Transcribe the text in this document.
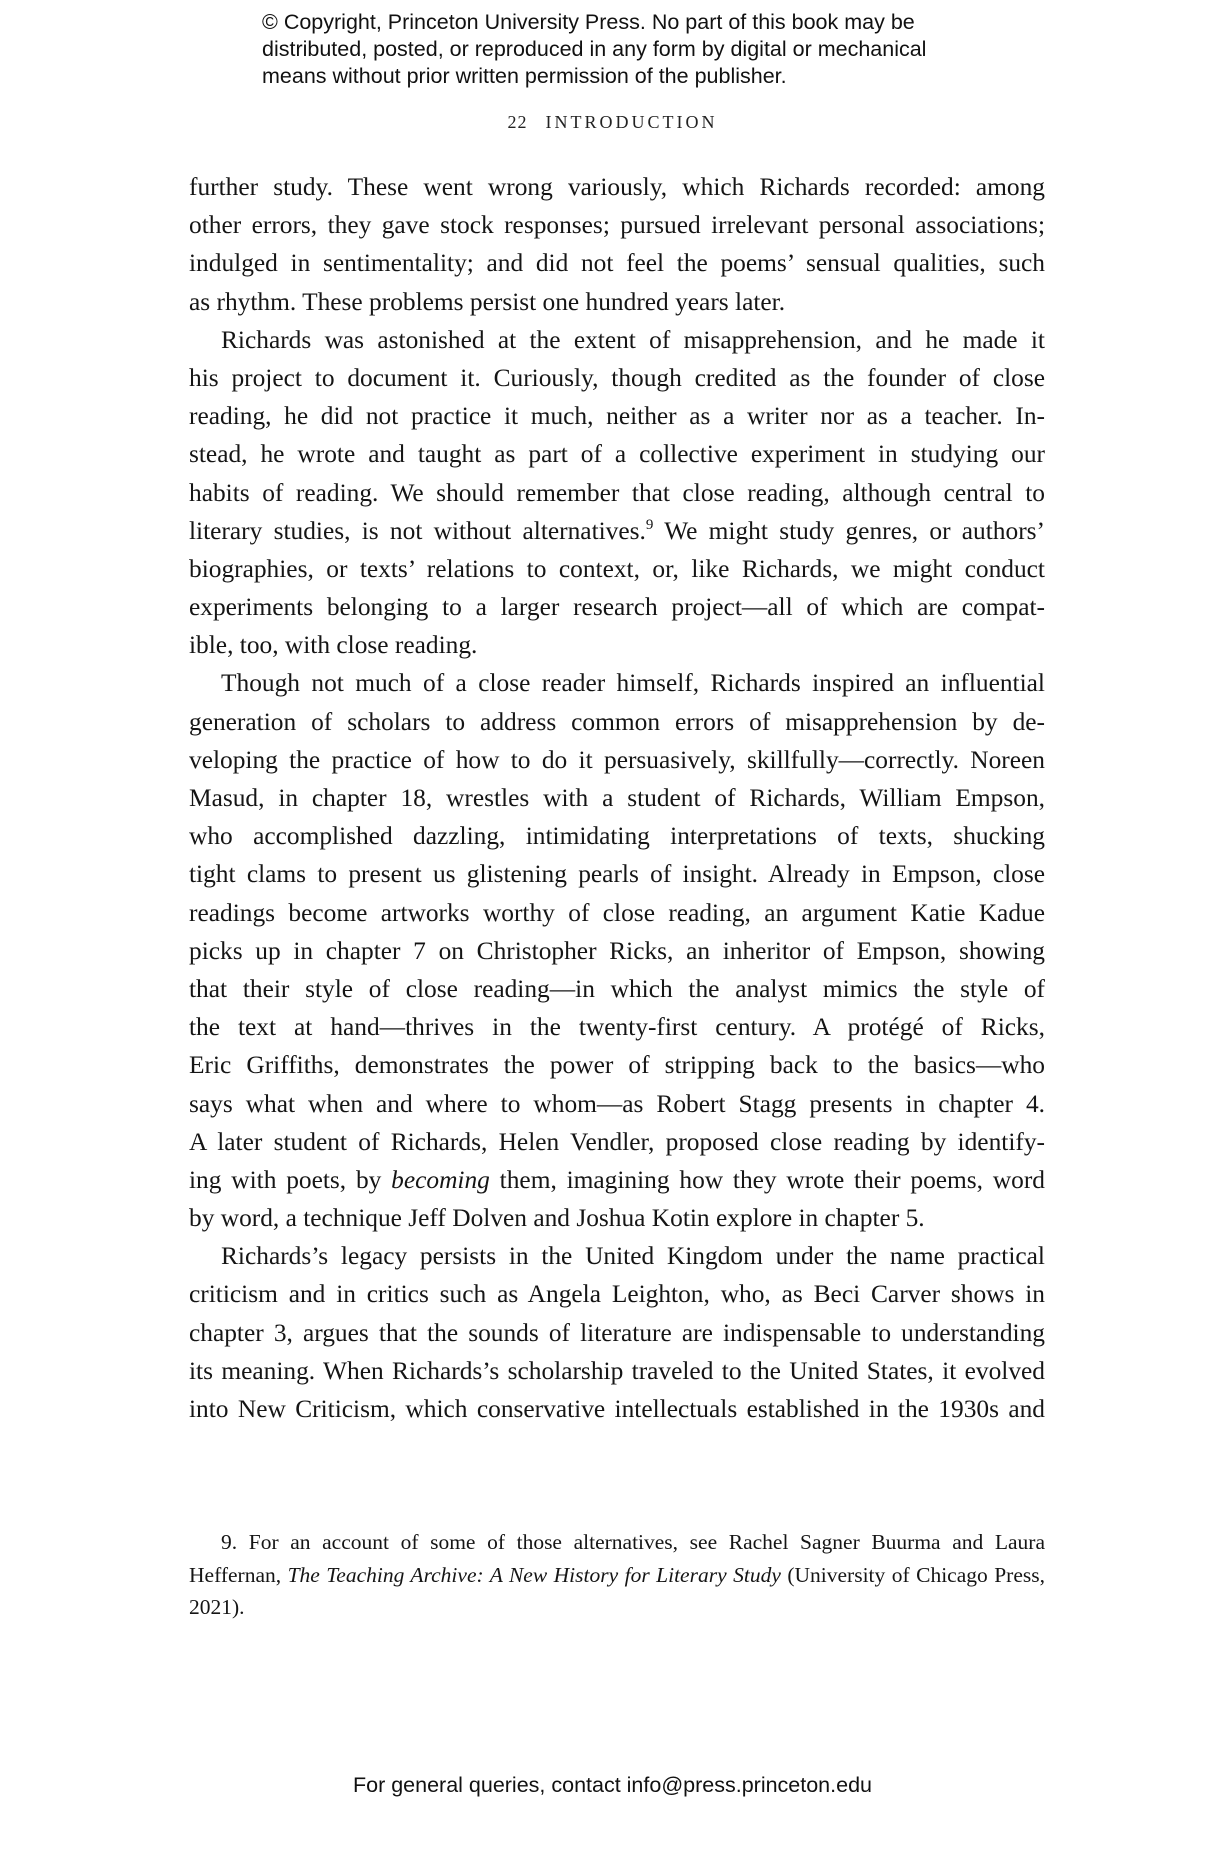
© Copyright, Princeton University Press. No part of this book may be

distributed, posted, or reproduced in any form by digital or mechanical

means without prior written permission of the publisher.

22 INTRODUCTION
further study. These went wrong variously, which Richards recorded: among
other errors, they gave stock responses; pursued irrelevant personal associations;
indulged in sentimentality; and did not feel the poems’ sensual qualities, such
as rhythm. These problems persist one hundred years later.
Richards was astonished at the extent of misapprehension, and he made it
his project to document it. Curiously, though credited as the founder of close
reading, he did not practice it much, neither as a writer nor as a teacher. In-
stead, he wrote and taught as part of a collective experiment in studying our
habits of reading. We should remember that close reading, although central to
literary studies, is not without alternatives.$^9$ We might study genres, or authors’
biographies, or texts’ relations to context, or, like Richards, we might conduct
experiments belonging to a larger research project—all of which are compat-
ible, too, with close reading.
Though not much of a close reader himself, Richards inspired an influential
generation of scholars to address common errors of misapprehension by de-
veloping the practice of how to do it persuasively, skillfully—correctly. Noreen
Masud, in chapter 18, wrestles with a student of Richards, William Empson,
who accomplished dazzling, intimidating interpretations of texts, shucking
tight clams to present us glistening pearls of insight. Already in Empson, close
readings become artworks worthy of close reading, an argument Katie Kadue
picks up in chapter 7 on Christopher Ricks, an inheritor of Empson, showing
that their style of close reading—in which the analyst mimics the style of
the text at hand—thrives in the twenty-first century. A protégé of Ricks,
Eric Griffiths, demonstrates the power of stripping back to the basics—who
says what when and where to whom—as Robert Stagg presents in chapter 4.
A later student of Richards, Helen Vendler, proposed close reading by identify-
ing with poets, by becoming them, imagining how they wrote their poems, word
by word, a technique Jeff Dolven and Joshua Kotin explore in chapter 5.
Richards’s legacy persists in the United Kingdom under the name practical
criticism and in critics such as Angela Leighton, who, as Beci Carver shows in
chapter 3, argues that the sounds of literature are indispensable to understanding
its meaning. When Richards’s scholarship traveled to the United States, it evolved
into New Criticism, which conservative intellectuals established in the 1930s and
9. For an account of some of those alternatives, see Rachel Sagner Buurma and Laura
Heffernan, The Teaching Archive: A New History for Literary Study (University of Chicago Press,
2021).
For general queries, contact info@press.princeton.edu
